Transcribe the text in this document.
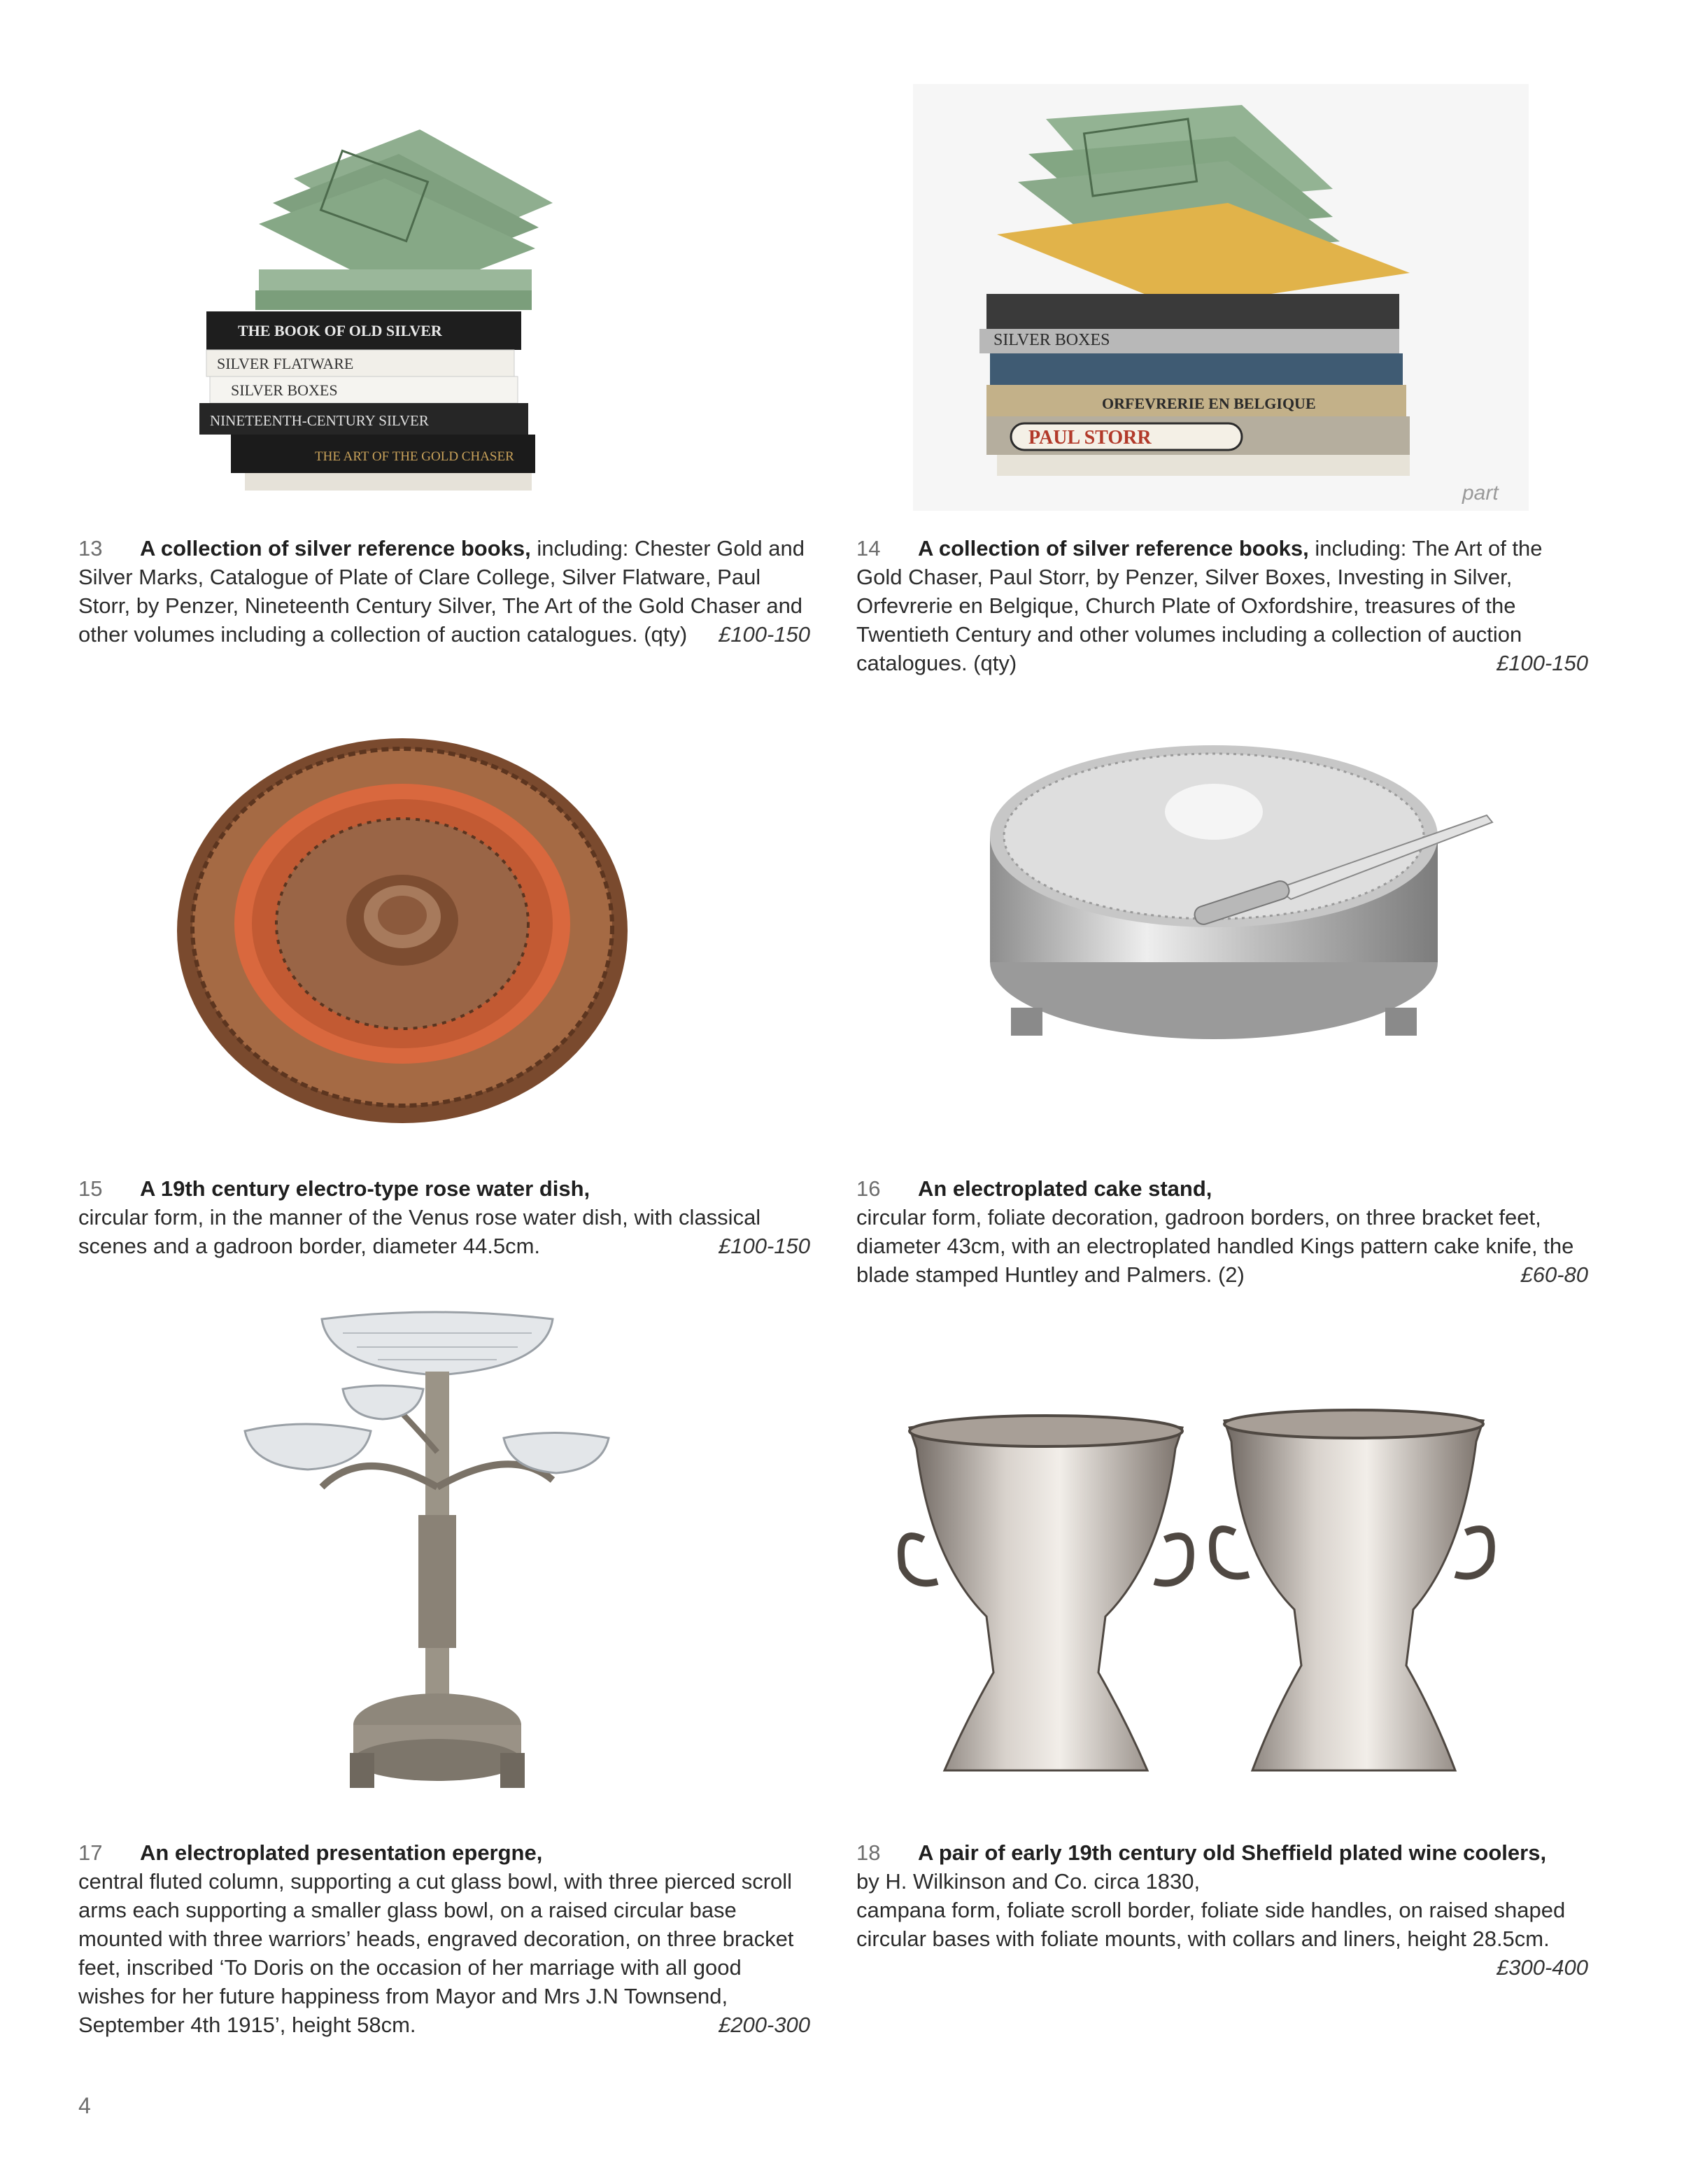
THE BOOK OF OLD SILVER
SILVER FLATWARE
SILVER BOXES
NINETEENTH-CENTURY SILVER
THE ART OF THE GOLD CHASER
SILVER BOXES
ORFEVRERIE EN BELGIQUE
PAUL STORR
part
13 A collection of silver reference books, including: Chester Gold and Silver Marks, Catalogue of Plate of Clare College, Silver Flatware, Paul Storr, by Penzer, Nineteenth Century Silver, The Art of the Gold Chaser and other volumes including a collection of auction catalogues. (qty) £100-150
14 A collection of silver reference books, including: The Art of the Gold Chaser, Paul Storr, by Penzer, Silver Boxes, Investing in Silver, Orfevrerie en Belgique, Church Plate of Oxfordshire, treasures of the Twentieth Century and other volumes including a collection of auction catalogues. (qty)	£100-150
15 A 19th century electro-type rose water dish,
circular form, in the manner of the Venus rose water dish, with classical scenes and a gadroon border, diameter 44.5cm.	£100-150
16 An electroplated cake stand,
circular form, foliate decoration, gadroon borders, on three bracket feet, diameter 43cm, with an electroplated handled Kings pattern cake knife, the blade stamped Huntley and Palmers. (2)	£60-80
17 An electroplated presentation epergne,
central fluted column, supporting a cut glass bowl, with three pierced scroll arms each supporting a smaller glass bowl, on a raised circular base mounted with three warriors’ heads, engraved decoration, on three bracket feet, inscribed ‘To Doris on the occasion of her marriage with all good wishes for her future happiness from Mayor and Mrs J.N Townsend, September 4th 1915’, height 58cm.	£200-300
18 A pair of early 19th century old Sheffield plated wine coolers,
by H. Wilkinson and Co. circa 1830,
campana form, foliate scroll border, foliate side handles, on raised shaped circular bases with foliate mounts, with collars and liners, height 28.5cm.
£300-400
4
